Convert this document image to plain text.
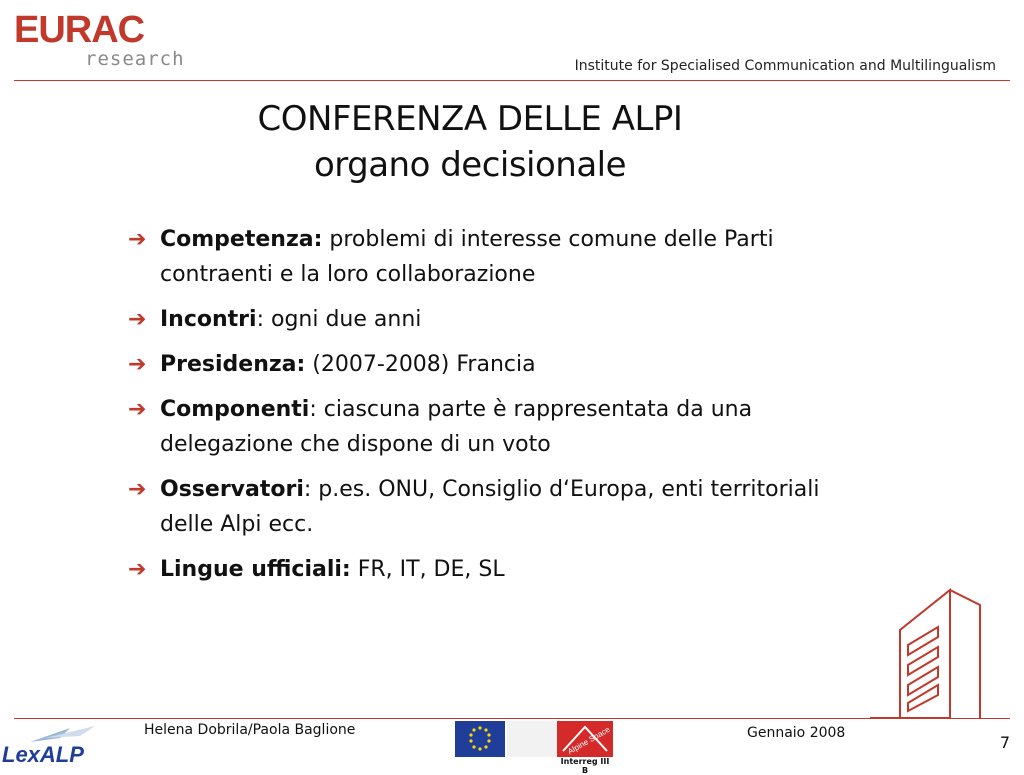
EURAC
research	Institute for Specialised Communication and Multilingualism
CONFERENZA DELLE ALPI
organo decisionale
➔ Competenza: problemi di interesse comune delle Parti contraenti e la loro collaborazione
➔ Incontri: ogni due anni
➔ Presidenza: (2007-2008) Francia
➔ Componenti: ciascuna parte è rappresentata da una delegazione che dispone di un voto
➔ Osservatori: p.es. ONU, Consiglio d‘Europa, enti territoriali delle Alpi ecc.
➔ Lingue ufficiali: FR, IT, DE, SL
LexALP
Helena Dobrila/Paola Baglione	Alpine Space
Interreg III B
Gennaio 2008	7
